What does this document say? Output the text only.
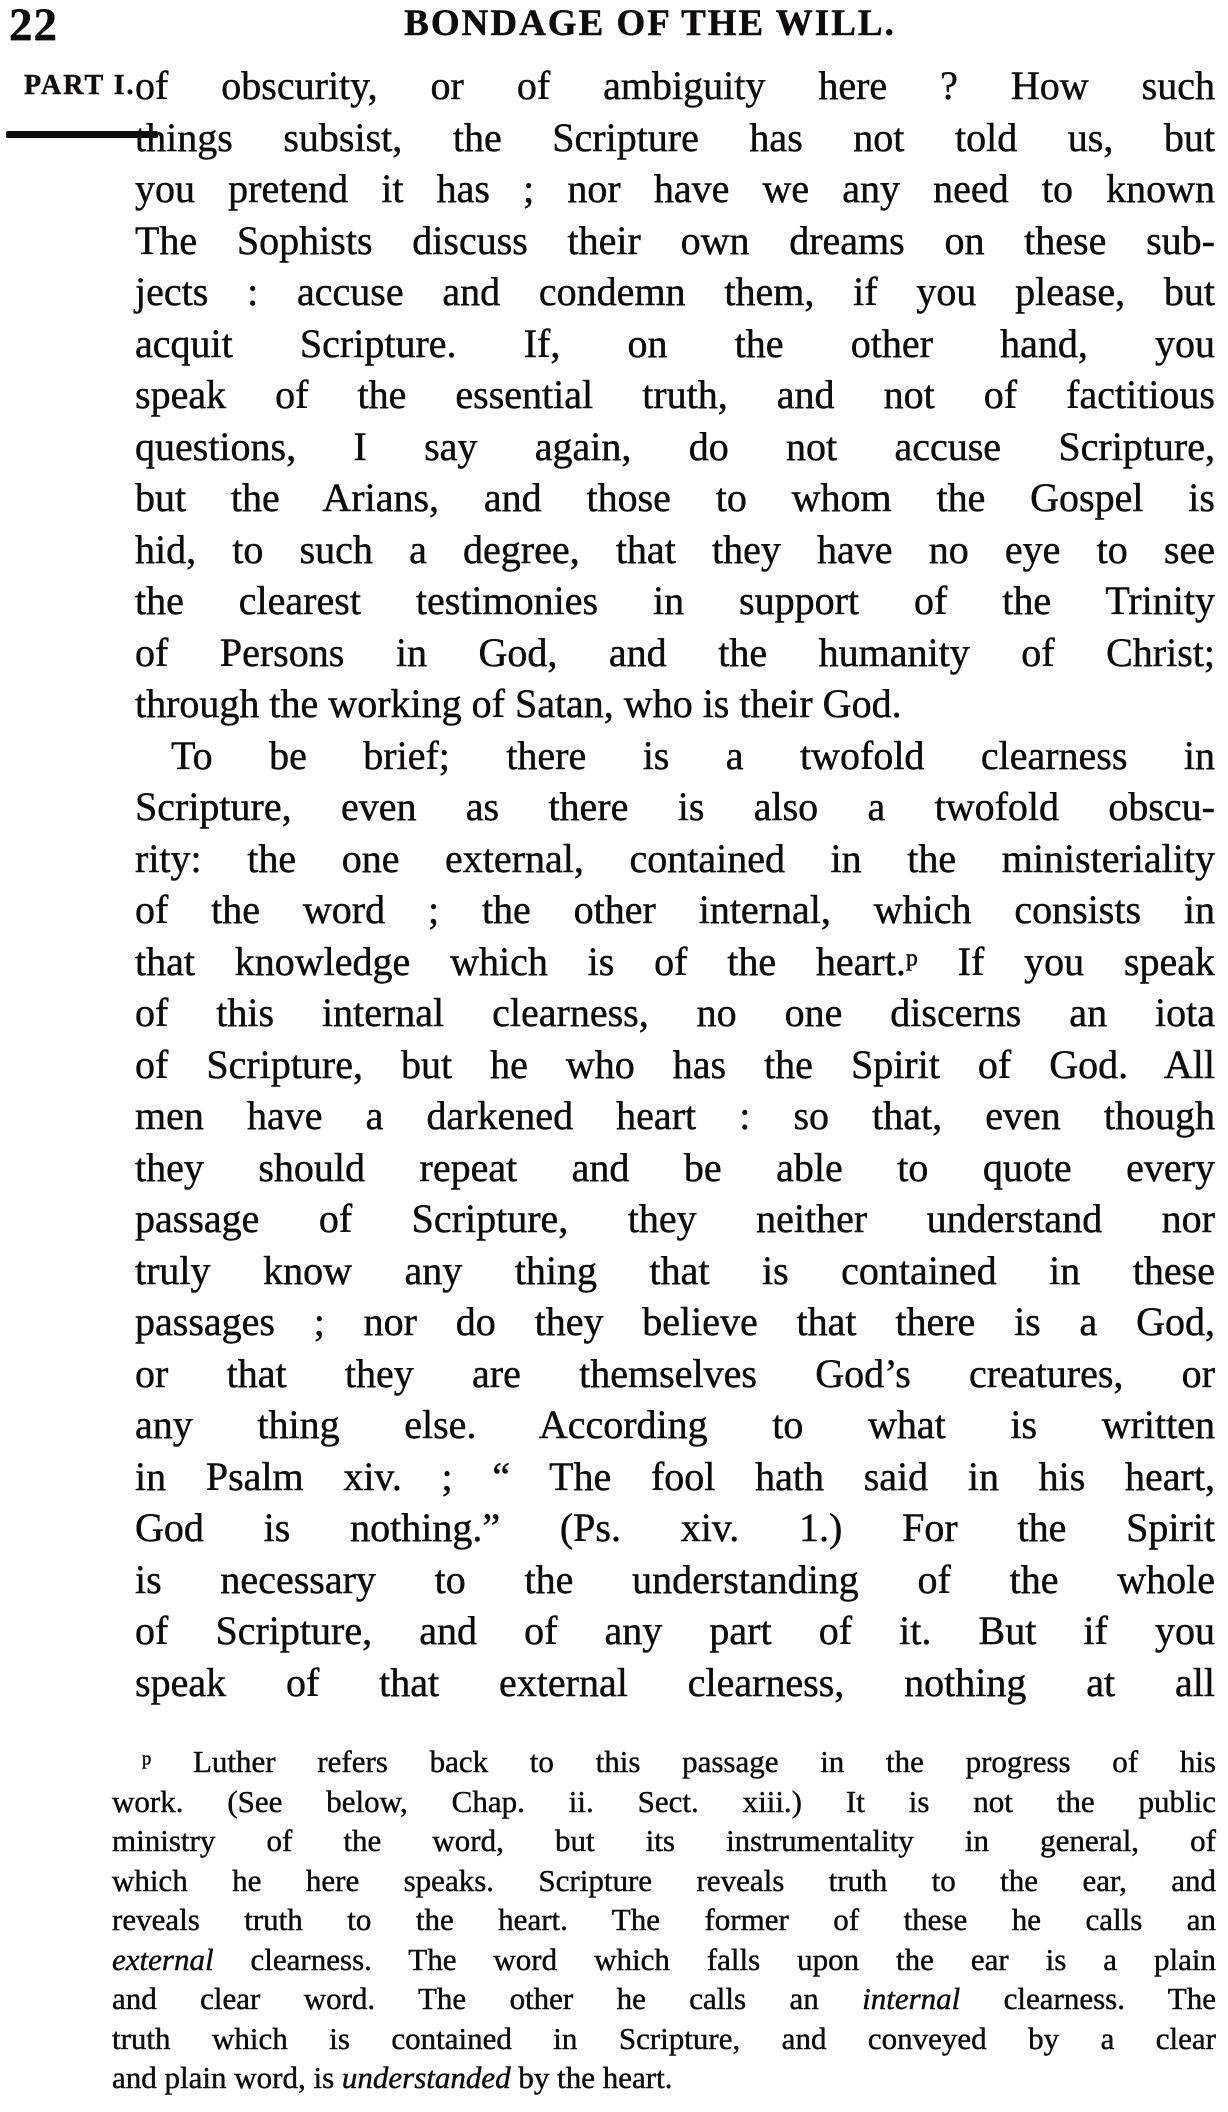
22	BONDAGE OF THE WILL.
PART I. of obscurity, or of ambiguity here ? How such
things subsist, the Scripture has not told us, but
you pretend it has ; nor have we any need to known
The Sophists discuss their own dreams on these sub-
jects : accuse and condemn them, if you please, but
acquit Scripture. If, on the other hand, you
speak of the essential truth, and not of factitious
questions, I say again, do not accuse Scripture,
but the Arians, and those to whom the Gospel is
hid, to such a degree, that they have no eye to see
the clearest testimonies in support of the Trinity
of Persons in God, and the humanity of Christ;
through the working of Satan, who is their God.
To be brief; there is a twofold clearness in
Scripture, even as there is also a twofold obscu-
rity: the one external, contained in the ministeriality
of the word ; the other internal, which consists in
that knowledge which is of the heart.$^p$ If you speak
of this internal clearness, no one discerns an iota
of Scripture, but he who has the Spirit of God. All
men have a darkened heart : so that, even though
they should repeat and be able to quote every
passage of Scripture, they neither understand nor
truly know any thing that is contained in these
passages ; nor do they believe that there is a God,
or that they are themselves God’s creatures, or
any thing else. According to what is written
in Psalm xiv. ; “ The fool hath said in his heart,
God is nothing.” (Ps. xiv. 1.) For the Spirit
is necessary to the understanding of the whole
of Scripture, and of any part of it. But if you
speak of that external clearness, nothing at all
$^p$ Luther refers back to this passage in the progress of his
work. (See below, Chap. ii. Sect. xiii.) It is not the public
ministry of the word, but its instrumentality in general, of
which he here speaks. Scripture reveals truth to the ear, and
reveals truth to the heart. The former of these he calls an
external clearness. The word which falls upon the ear is a plain
and clear word. The other he calls an internal clearness. The
truth which is contained in Scripture, and conveyed by a clear
and plain word, is understanded by the heart.
